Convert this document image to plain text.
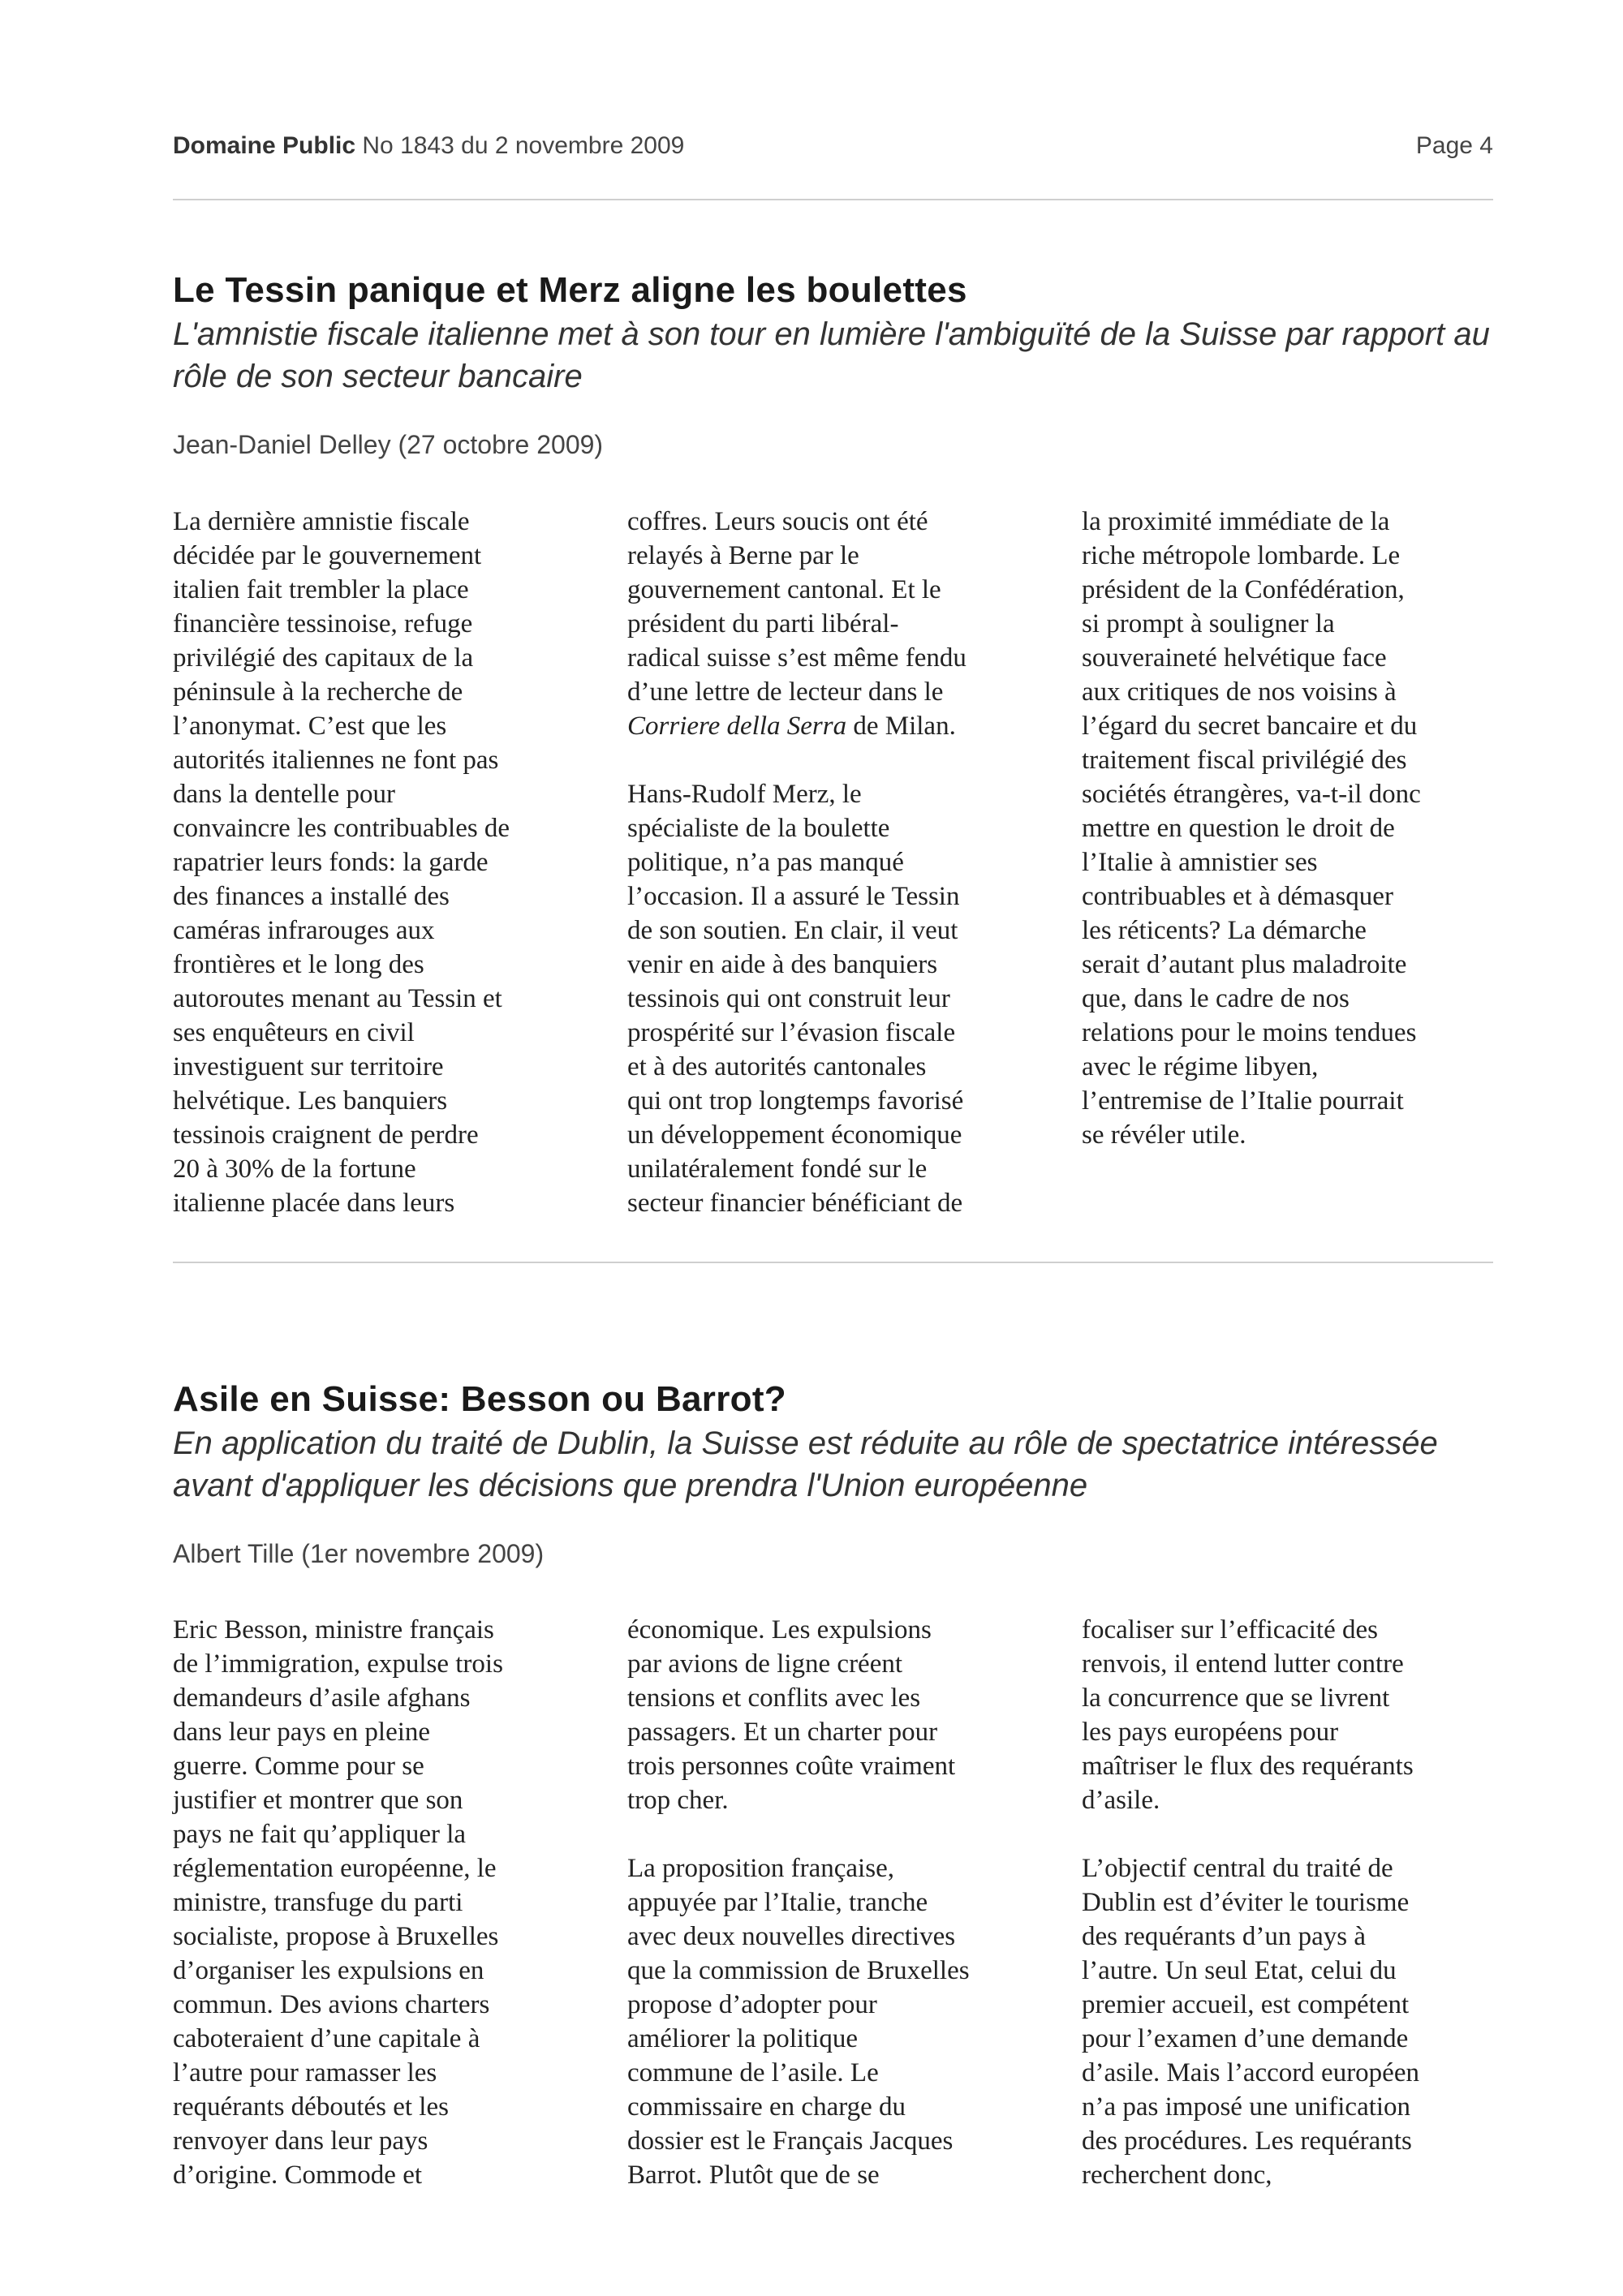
Domaine Public No 1843 du 2 novembre 2009	Page 4
Le Tessin panique et Merz aligne les boulettes

L'amnistie fiscale italienne met à son tour en lumière l'ambiguïté de la Suisse par rapport au rôle de son secteur bancaire

Jean-Daniel Delley (27 octobre 2009)

La dernière amnistie fiscale
décidée par le gouvernement
italien fait trembler la place
financière tessinoise, refuge
privilégié des capitaux de la
péninsule à la recherche de
l’anonymat. C’est que les
autorités italiennes ne font pas
dans la dentelle pour
convaincre les contribuables de
rapatrier leurs fonds: la garde
des finances a installé des
caméras infrarouges aux
frontières et le long des
autoroutes menant au Tessin et
ses enquêteurs en civil
investiguent sur territoire
helvétique. Les banquiers
tessinois craignent de perdre
20 à 30% de la fortune
italienne placée dans leurs

coffres. Leurs soucis ont été
relayés à Berne par le
gouvernement cantonal. Et le
président du parti libéral-
radical suisse s’est même fendu
d’une lettre de lecteur dans le
Corriere della Serra de Milan.

Hans-Rudolf Merz, le
spécialiste de la boulette
politique, n’a pas manqué
l’occasion. Il a assuré le Tessin
de son soutien. En clair, il veut
venir en aide à des banquiers
tessinois qui ont construit leur
prospérité sur l’évasion fiscale
et à des autorités cantonales
qui ont trop longtemps favorisé
un développement économique
unilatéralement fondé sur le
secteur financier bénéficiant de

la proximité immédiate de la
riche métropole lombarde. Le
président de la Confédération,
si prompt à souligner la
souveraineté helvétique face
aux critiques de nos voisins à
l’égard du secret bancaire et du
traitement fiscal privilégié des
sociétés étrangères, va-t-il donc
mettre en question le droit de
l’Italie à amnistier ses
contribuables et à démasquer
les réticents? La démarche
serait d’autant plus maladroite
que, dans le cadre de nos
relations pour le moins tendues
avec le régime libyen,
l’entremise de l’Italie pourrait
se révéler utile.

Asile en Suisse: Besson ou Barrot?

En application du traité de Dublin, la Suisse est réduite au rôle de spectatrice intéressée avant d'appliquer les décisions que prendra l'Union européenne

Albert Tille (1er novembre 2009)

Eric Besson, ministre français
de l’immigration, expulse trois
demandeurs d’asile afghans
dans leur pays en pleine
guerre. Comme pour se
justifier et montrer que son
pays ne fait qu’appliquer la
réglementation européenne, le
ministre, transfuge du parti
socialiste, propose à Bruxelles
d’organiser les expulsions en
commun. Des avions charters
caboteraient d’une capitale à
l’autre pour ramasser les
requérants déboutés et les
renvoyer dans leur pays
d’origine. Commode et

économique. Les expulsions
par avions de ligne créent
tensions et conflits avec les
passagers. Et un charter pour
trois personnes coûte vraiment
trop cher.

La proposition française,
appuyée par l’Italie, tranche
avec deux nouvelles directives
que la commission de Bruxelles
propose d’adopter pour
améliorer la politique
commune de l’asile. Le
commissaire en charge du
dossier est le Français Jacques
Barrot. Plutôt que de se

focaliser sur l’efficacité des
renvois, il entend lutter contre
la concurrence que se livrent
les pays européens pour
maîtriser le flux des requérants
d’asile.

L’objectif central du traité de
Dublin est d’éviter le tourisme
des requérants d’un pays à
l’autre. Un seul Etat, celui du
premier accueil, est compétent
pour l’examen d’une demande
d’asile. Mais l’accord européen
n’a pas imposé une unification
des procédures. Les requérants
recherchent donc,
